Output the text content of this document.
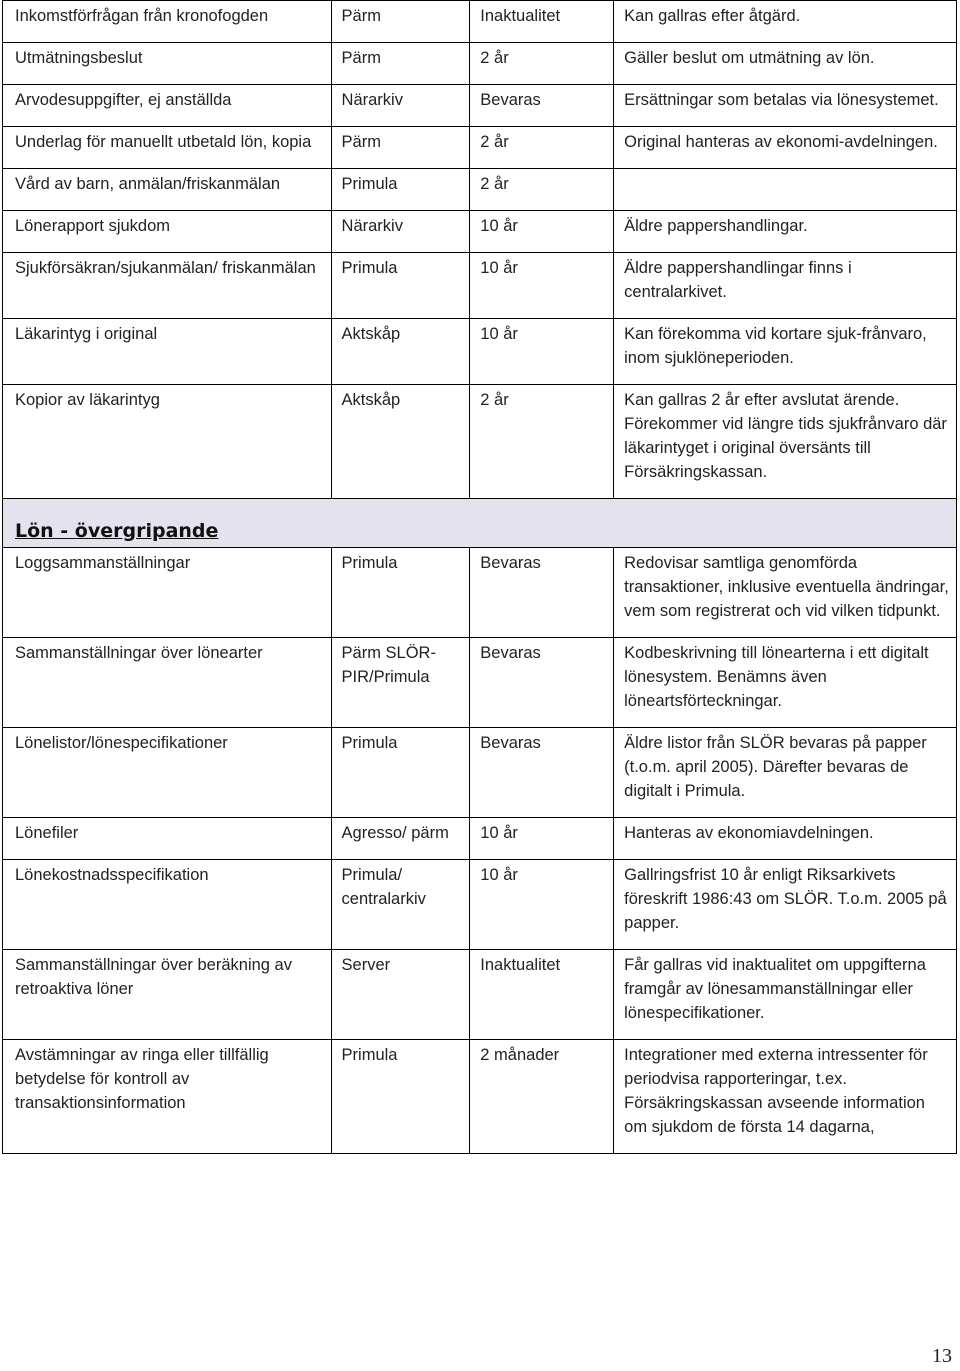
Inkomstförfrågan från kronofogden	Pärm	Inaktualitet	Kan gallras efter åtgärd.
Utmätningsbeslut	Pärm	2 år	Gäller beslut om utmätning av lön.
Arvodesuppgifter, ej anställda	Närarkiv	Bevaras	Ersättningar som betalas via lönesystemet.
Underlag för manuellt utbetald lön, kopia	Pärm	2 år	Original hanteras av ekonomi-avdelningen.
Vård av barn, anmälan/friskanmälan	Primula	2 år	
Lönerapport sjukdom	Närarkiv	10 år	Äldre pappershandlingar.
Sjukförsäkran/sjukanmälan/ friskanmälan	Primula	10 år	Äldre pappershandlingar finns i centralarkivet.
Läkarintyg i original	Aktskåp	10 år	Kan förekomma vid kortare sjuk-frånvaro, inom sjuklöneperioden.
Kopior av läkarintyg	Aktskåp	2 år	Kan gallras 2 år efter avslutat ärende. Förekommer vid längre tids sjukfrånvaro där läkarintyget i original översänts till Försäkringskassan.
Lön - övergripande			
Loggsammanställningar	Primula	Bevaras	Redovisar samtliga genomförda transaktioner, inklusive eventuella ändringar, vem som registrerat och vid vilken tidpunkt.
Sammanställningar över lönearter	Pärm SLÖR-PIR/Primula	Bevaras	Kodbeskrivning till lönearterna i ett digitalt lönesystem. Benämns även löneartsförteckningar.
Lönelistor/lönespecifikationer	Primula	Bevaras	Äldre listor från SLÖR bevaras på papper (t.o.m. april 2005). Därefter bevaras de digitalt i Primula.
Lönefiler	Agresso/ pärm	10 år	Hanteras av ekonomiavdelningen.
Lönekostnadsspecifikation	Primula/ centralarkiv	10 år	Gallringsfrist 10 år enligt Riksarkivets föreskrift 1986:43 om SLÖR. T.o.m. 2005 på papper.
Sammanställningar över beräkning av retroaktiva löner	Server	Inaktualitet	Får gallras vid inaktualitet om uppgifterna framgår av lönesammanställningar eller lönespecifikationer.
Avstämningar av ringa eller tillfällig betydelse för kontroll av transaktionsinformation	Primula	2 månader	Integrationer med externa intressenter för periodvisa rapporteringar, t.ex. Försäkringskassan avseende information om sjukdom de första 14 dagarna,
13
